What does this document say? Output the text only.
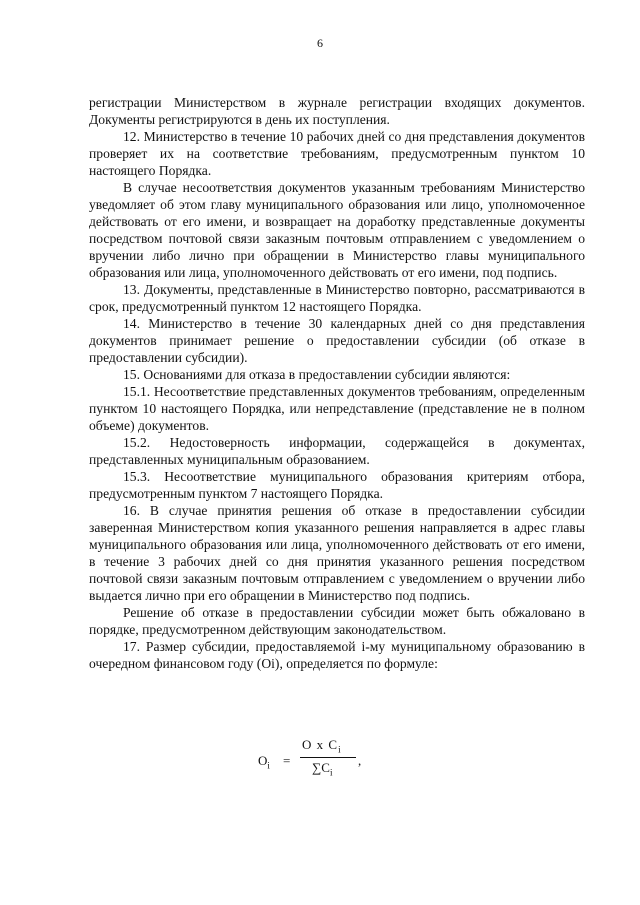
6

регистрации Министерством в журнале регистрации входящих документов. Документы регистрируются в день их поступления.

12. Министерство в течение 10 рабочих дней со дня представления документов проверяет их на соответствие требованиям, предусмотренным пунктом 10 настоящего Порядка.

В случае несоответствия документов указанным требованиям Министерство уведомляет об этом главу муниципального образования или лицо, уполномоченное действовать от его имени, и возвращает на доработку представленные документы посредством почтовой связи заказным почтовым отправлением с уведомлением о вручении либо лично при обращении в Министерство главы муниципального образования или лица, уполномоченного действовать от его имени, под подпись.

13. Документы, представленные в Министерство повторно, рассматриваются в срок, предусмотренный пунктом 12 настоящего Порядка.

14. Министерство в течение 30 календарных дней со дня представления документов принимает решение о предоставлении субсидии (об отказе в предоставлении субсидии).

15. Основаниями для отказа в предоставлении субсидии являются:

15.1. Несоответствие представленных документов требованиям, определенным пунктом 10 настоящего Порядка, или непредставление (представление не в полном объеме) документов.

15.2. Недостоверность информации, содержащейся в документах, представленных муниципальным образованием.

15.3. Несоответствие муниципального образования критериям отбора, предусмотренным пунктом 7 настоящего Порядка.

16. В случае принятия решения об отказе в предоставлении субсидии заверенная Министерством копия указанного решения направляется в адрес главы муниципального образования или лица, уполномоченного действовать от его имени, в течение 3 рабочих дней со дня принятия указанного решения посредством почтовой связи заказным почтовым отправлением с уведомлением о вручении либо выдается лично при его обращении в Министерство под подпись.

Решение об отказе в предоставлении субсидии может быть обжаловано в порядке, предусмотренном действующим законодательством.

17. Размер субсидии, предоставляемой i-му муниципальному образованию в очередном финансовом году (Oi), определяется по формуле:

$O_i$ =
O x $C_i$
$\sum C_i$
,
